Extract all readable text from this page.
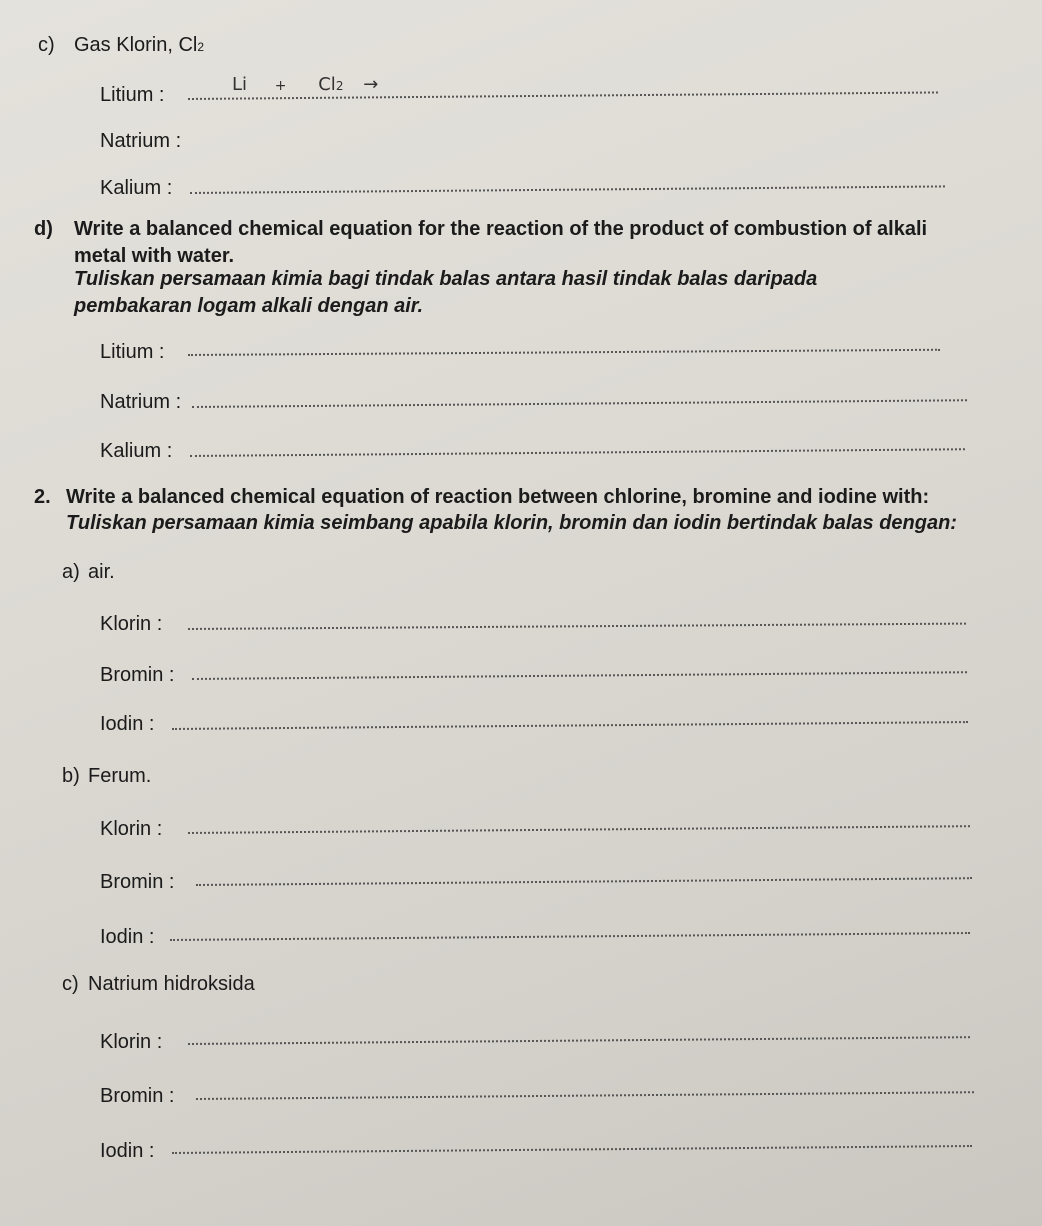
c) Gas Klorin, Cl2
Litium :	Li + Cl2 →
Natrium :
Kalium :
d) Write a balanced chemical equation for the reaction of the product of combustion of alkali
metal with water.
Tuliskan persamaan kimia bagi tindak balas antara hasil tindak balas daripada
pembakaran logam alkali dengan air.
Litium :
Natrium :
Kalium :
2. Write a balanced chemical equation of reaction between chlorine, bromine and iodine with:
Tuliskan persamaan kimia seimbang apabila klorin, bromin dan iodin bertindak balas dengan:
a) air.
Klorin :
Bromin :
Iodin :
b) Ferum.
Klorin :
Bromin :
Iodin :
c) Natrium hidroksida
Klorin :
Bromin :
Iodin :
